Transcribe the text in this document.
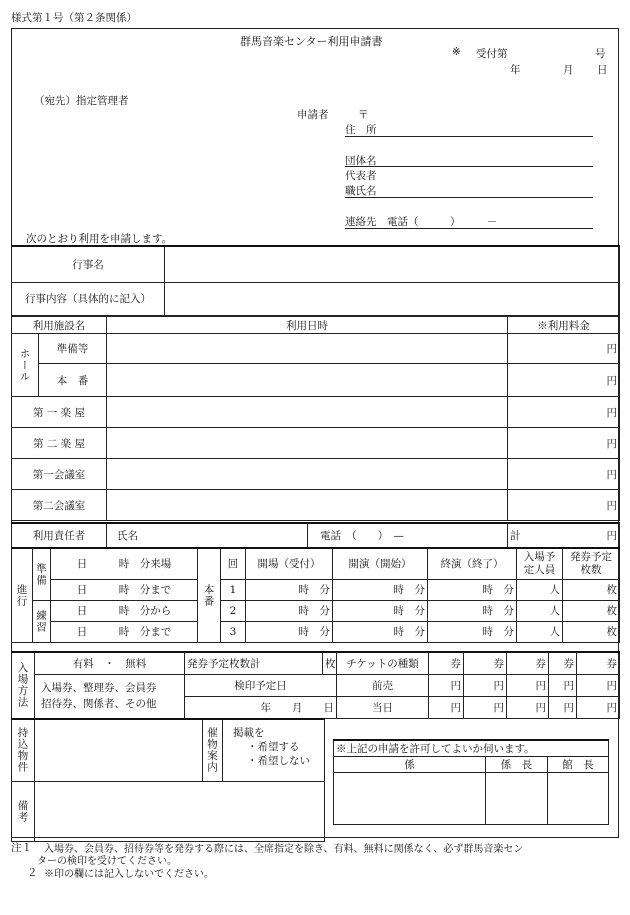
様式第１号（第２条関係）
群馬音楽センター利用申請書
※ 受付第	号
年	月 日
（宛先）指定管理者
申請者	〒
住　所
団体名
代表者
職氏名
連絡先　電話（　　　）　　　－
次のとおり利用を申請します。
行事名	
行事内容（具体的に記入）	
利用施設名		利用日時	※利用料金
ホール	準備等		円
	本　番		円
第 一 楽 屋			円
第 二 楽 屋			円
第一会議室			円
第二会議室			円
利用責任者	氏名	電話　（　　）　—	計	円
進行	準備	日　　　時　分来場	本番	回	開場（受付）	開演（開始）	終演（終了）	入場予定人員	発券予定枚数
		日　　　時　分まで		1	時　 分	時　 分	時　 分	人	枚
	練習	日　　　時　分から		2	時　 分	時　 分	時　 分	人	枚
		日　　　時　分まで		3	時　 分	時　 分	時　 分	人	枚
入場方法	有料　・　無料	発券予定枚数計	枚	チケットの種類	券	券	券	券	券

	入場券、整理券、会員券
招待券、関係者、その他	検印予定日		前売	円	円	円	円	円
		年　　月　　日		当日	円	円	円	円	円
持込物件		催物案内	掲載を
・希望する
・希望しない

備考			
※上記の申請を許可してよいか伺います。		
係	係　長	館　長

注１ 入場券、会員券、招待券等を発券する際には、全席指定を除き、有料、無料に関係なく、必ず群馬音楽セン
ターの検印を受けてください。
２ ※印の欄には記入しないでください。
